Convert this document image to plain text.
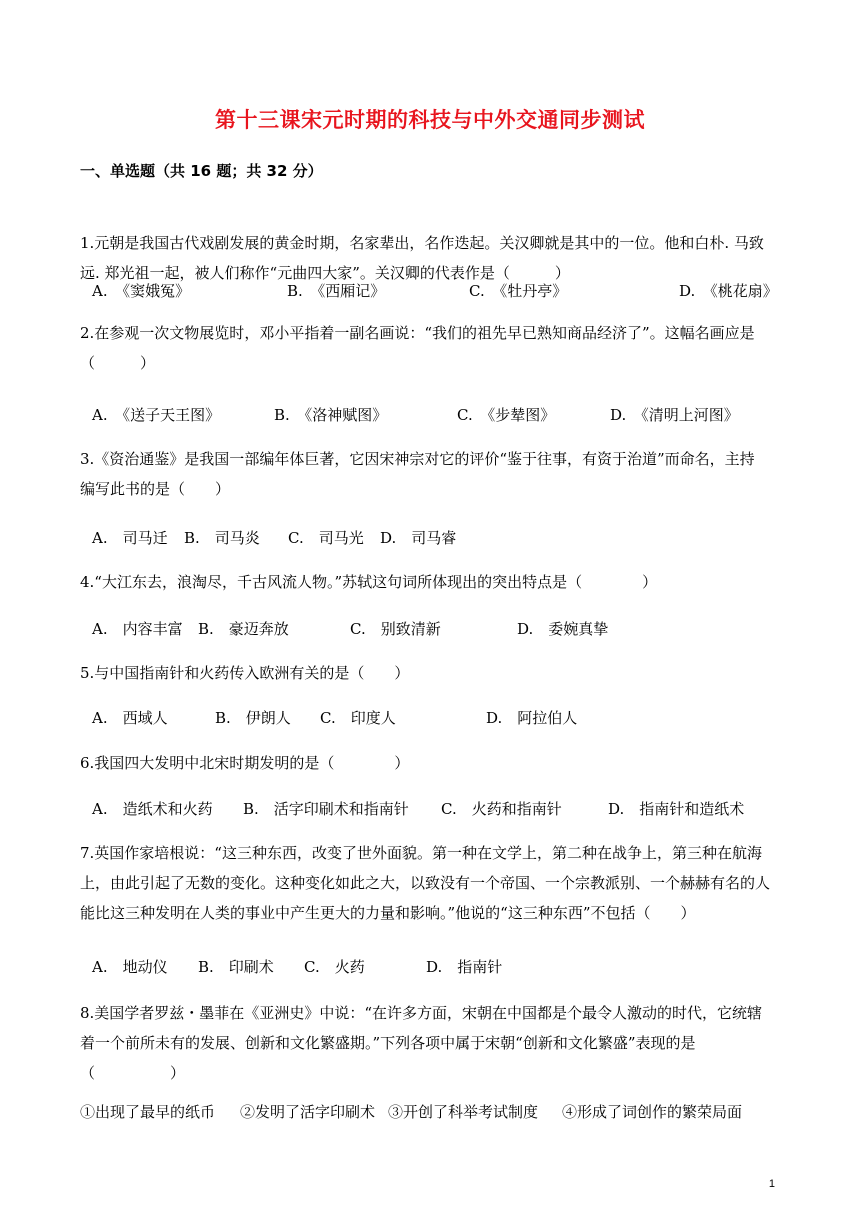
第十三课宋元时期的科技与中外交通同步测试
一、单选题（共 16 题；共 32 分）

1.元朝是我国古代戏剧发展的黄金时期，名家辈出，名作迭起。关汉卿就是其中的一位。他和白朴. 马致

远. 郑光祖一起，被人们称作“元曲四大家”。关汉卿的代表作是（　　　）

A.　《窦娥冤》	B.　《西厢记》	C.　《牡丹亭》	D.　《桃花扇》

2.在参观一次文物展览时，邓小平指着一副名画说：“我们的祖先早已熟知商品经济了”。这幅名画应是

（　　　）

A.　《送子天王图》	B.　《洛神赋图》	C.　《步辇图》	D.　《清明上河图》

3.《资治通鉴》是我国一部编年体巨著，它因宋神宗对它的评价“鉴于往事，有资于治道”而命名，主持

编写此书的是（　　）

A.　司马迁 B.　司马炎 C.　司马光 D.　司马睿

4.“大江东去，浪淘尽，千古风流人物。”苏轼这句词所体现出的突出特点是（　　　　）

A.　内容丰富 B.　豪迈奔放	C.　别致清新	D.　委婉真挚

5.与中国指南针和火药传入欧洲有关的是（　　）

A.　西域人	B.　伊朗人 C.　印度人	D.　阿拉伯人

6.我国四大发明中北宋时期发明的是（　　　　）

A.　造纸术和火药 B.　活字印刷术和指南针 C.　火药和指南针	D.　指南针和造纸术

7.英国作家培根说：“这三种东西，改变了世外面貌。第一种在文学上，第二种在战争上，第三种在航海

上，由此引起了无数的变化。这种变化如此之大，以致没有一个帝国、一个宗教派别、一个赫赫有名的人

能比这三种发明在人类的事业中产生更大的力量和影响。”他说的“这三种东西”不包括（　　）

A.　地动仪 B.　印刷术 C.　火药	D.　指南针

8.美国学者罗兹・墨菲在《亚洲史》中说：“在许多方面，宋朝在中国都是个最令人激动的时代，它统辖

着一个前所未有的发展、创新和文化繁盛期。”下列各项中属于宋朝“创新和文化繁盛”表现的是

（　　　　　）

①出现了最早的纸币 ②发明了活字印刷术 ③开创了科举考试制度 ④形成了词创作的繁荣局面
1
